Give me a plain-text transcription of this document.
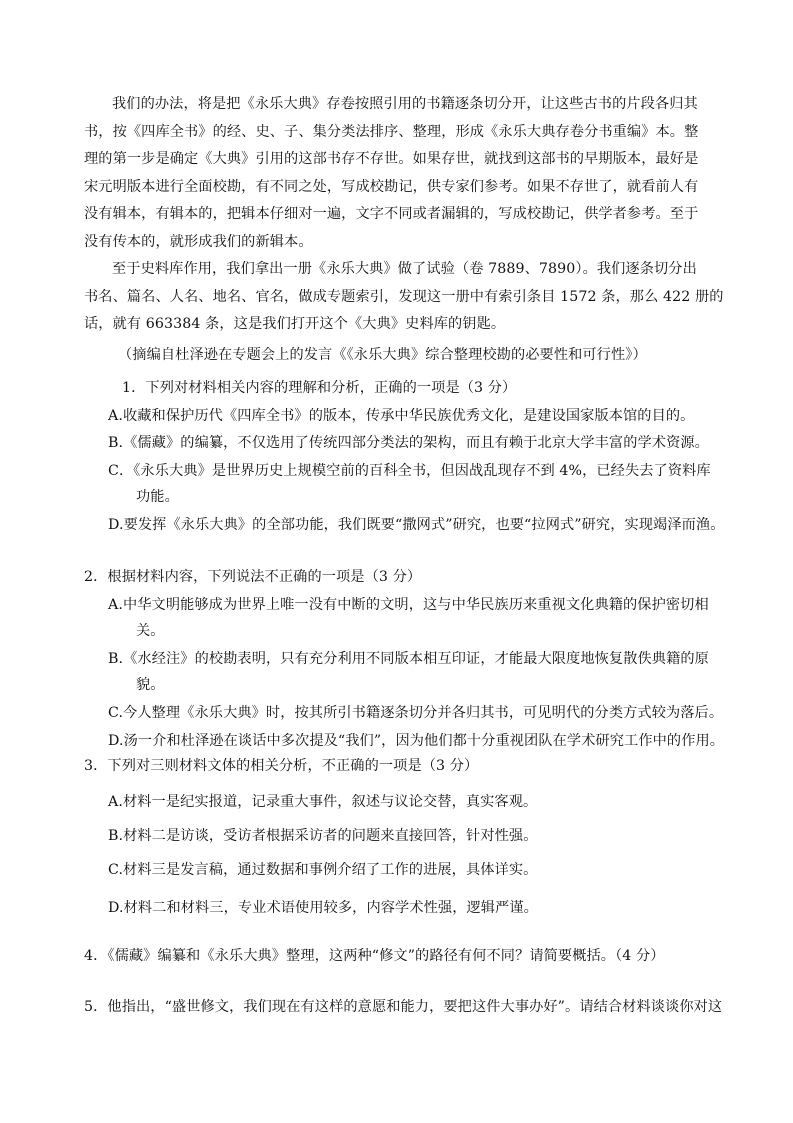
我们的办法，将是把《永乐大典》存卷按照引用的书籍逐条切分开，让这些古书的片段各归其
书，按《四库全书》的经、史、子、集分类法排序、整理，形成《永乐大典存卷分书重编》本。整
理的第一步是确定《大典》引用的这部书存不存世。如果存世，就找到这部书的早期版本，最好是
宋元明版本进行全面校勘，有不同之处，写成校勘记，供专家们参考。如果不存世了，就看前人有
没有辑本，有辑本的，把辑本仔细对一遍，文字不同或者漏辑的，写成校勘记，供学者参考。至于
没有传本的，就形成我们的新辑本。
至于史料库作用，我们拿出一册《永乐大典》做了试验（卷 7889、7890）。我们逐条切分出
书名、篇名、人名、地名、官名，做成专题索引，发现这一册中有索引条目 1572 条，那么 422 册的
话，就有 663384 条，这是我们打开这个《大典》史料库的钥匙。
（摘编自杜泽逊在专题会上的发言《《永乐大典》综合整理校勘的必要性和可行性》）
1．下列对材料相关内容的理解和分析，正确的一项是（3 分）
A.收藏和保护历代《四库全书》的版本，传承中华民族优秀文化，是建设国家版本馆的目的。
B.《儒藏》的编纂，不仅选用了传统四部分类法的架构，而且有赖于北京大学丰富的学术资源。
C．《永乐大典》是世界历史上规模空前的百科全书，但因战乱现存不到 4%，已经失去了资料库
功能。
D.要发挥《永乐大典》的全部功能，我们既要“撒网式”研究，也要“拉网式”研究，实现竭泽而渔。
2．根据材料内容，下列说法不正确的一项是（3 分）
A.中华文明能够成为世界上唯一没有中断的文明，这与中华民族历来重视文化典籍的保护密切相
关。
B.《水经注》的校勘表明，只有充分利用不同版本相互印证，才能最大限度地恢复散佚典籍的原
貌。
C.今人整理《永乐大典》时，按其所引书籍逐条切分并各归其书，可见明代的分类方式较为落后。
D.汤一介和杜泽逊在谈话中多次提及“我们”，因为他们都十分重视团队在学术研究工作中的作用。
3．下列对三则材料文体的相关分析，不正确的一项是（3 分）
A.材料一是纪实报道，记录重大事件，叙述与议论交替，真实客观。
B.材料二是访谈，受访者根据采访者的问题来直接回答，针对性强。
C.材料三是发言稿，通过数据和事例介绍了工作的进展，具体详实。
D.材料二和材料三，专业术语使用较多，内容学术性强，逻辑严谨。
4．《儒藏》编纂和《永乐大典》整理，这两种“修文”的路径有何不同？请简要概括。（4 分）
5．他指出，“盛世修文，我们现在有这样的意愿和能力，要把这件大事办好”。请结合材料谈谈你对这
